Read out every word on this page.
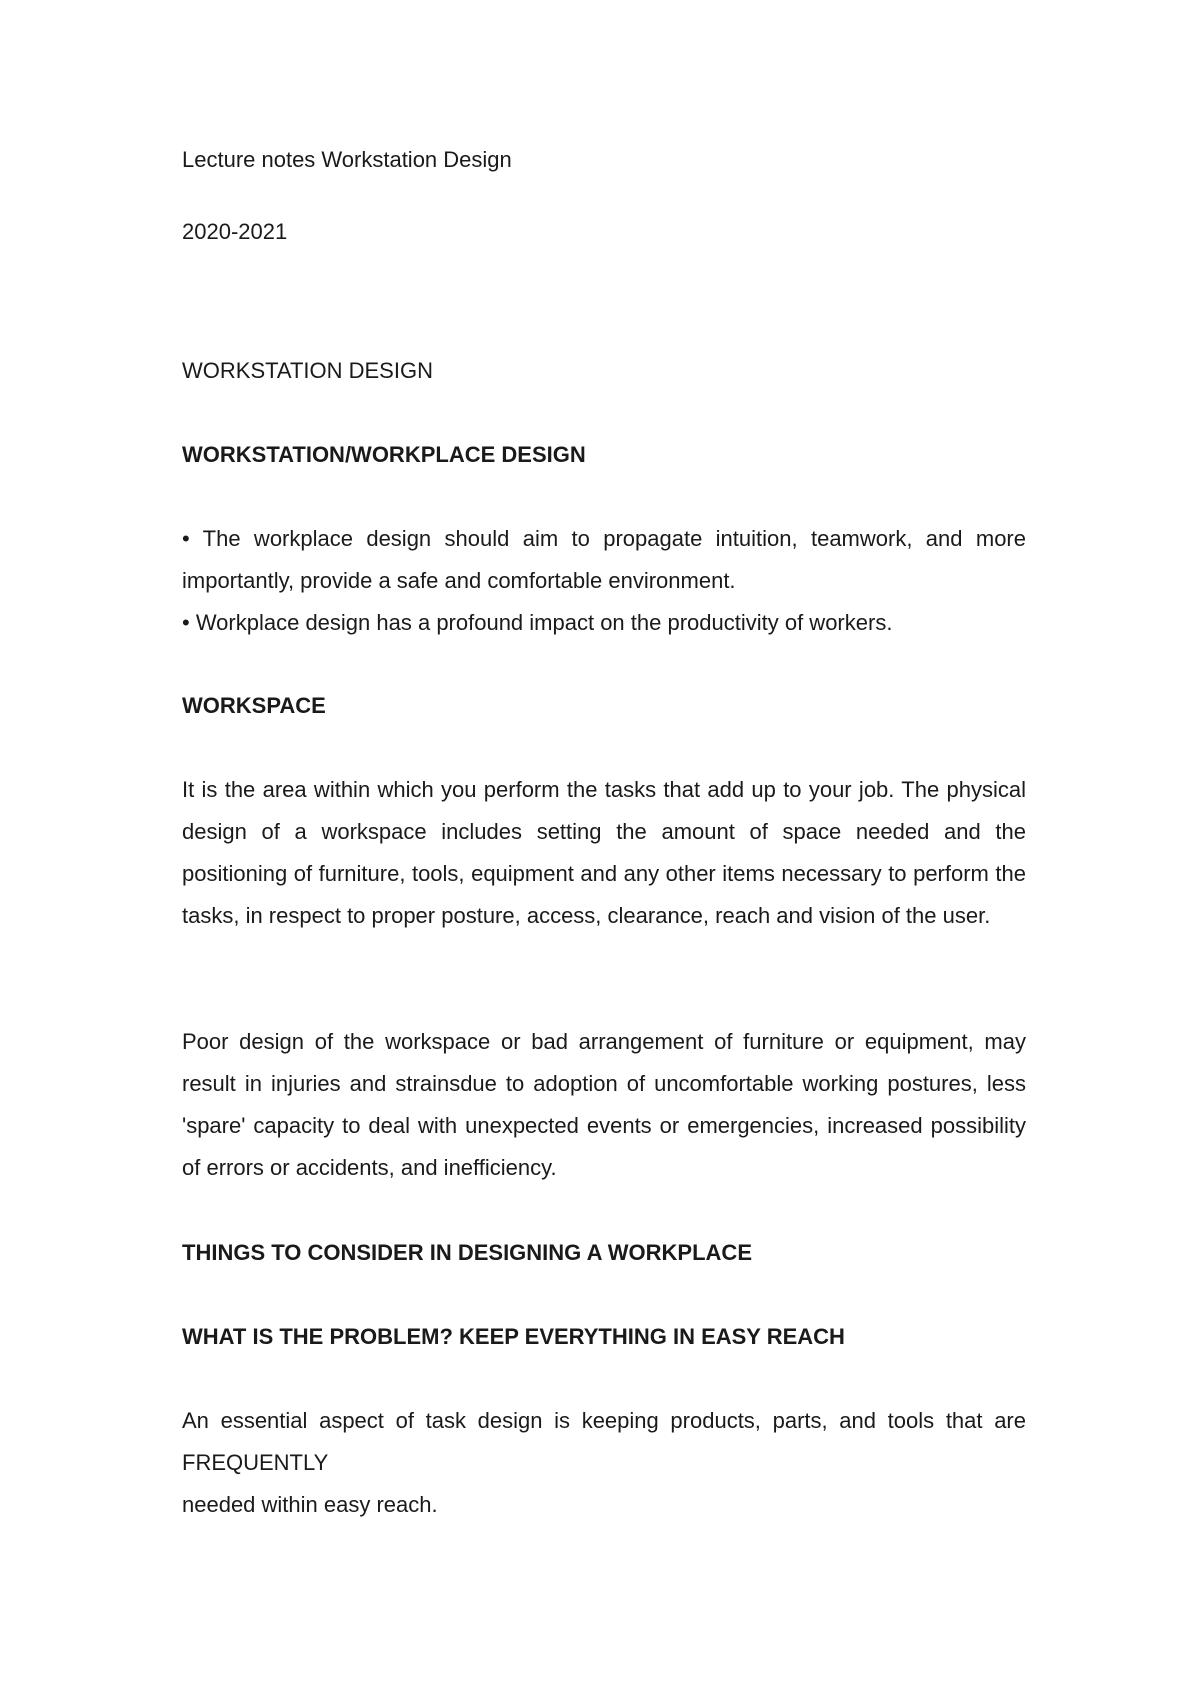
Lecture notes Workstation Design

2020-2021

WORKSTATION DESIGN

WORKSTATION/WORKPLACE DESIGN

• The workplace design should aim to propagate intuition, teamwork, and more importantly, provide a safe and comfortable environment.

• Workplace design has a profound impact on the productivity of workers.

WORKSPACE

It is the area within which you perform the tasks that add up to your job. The physical design of a workspace includes setting the amount of space needed and the positioning of furniture, tools, equipment and any other items necessary to perform the tasks, in respect to proper posture, access, clearance, reach and vision of the user.

Poor design of the workspace or bad arrangement of furniture or equipment, may result in injuries and strainsdue to adoption of uncomfortable working postures, less 'spare' capacity to deal with unexpected events or emergencies, increased possibility of errors or accidents, and inefficiency.

THINGS TO CONSIDER IN DESIGNING A WORKPLACE

WHAT IS THE PROBLEM? KEEP EVERYTHING IN EASY REACH

An essential aspect of task design is keeping products, parts, and tools that are FREQUENTLY

needed within easy reach.
